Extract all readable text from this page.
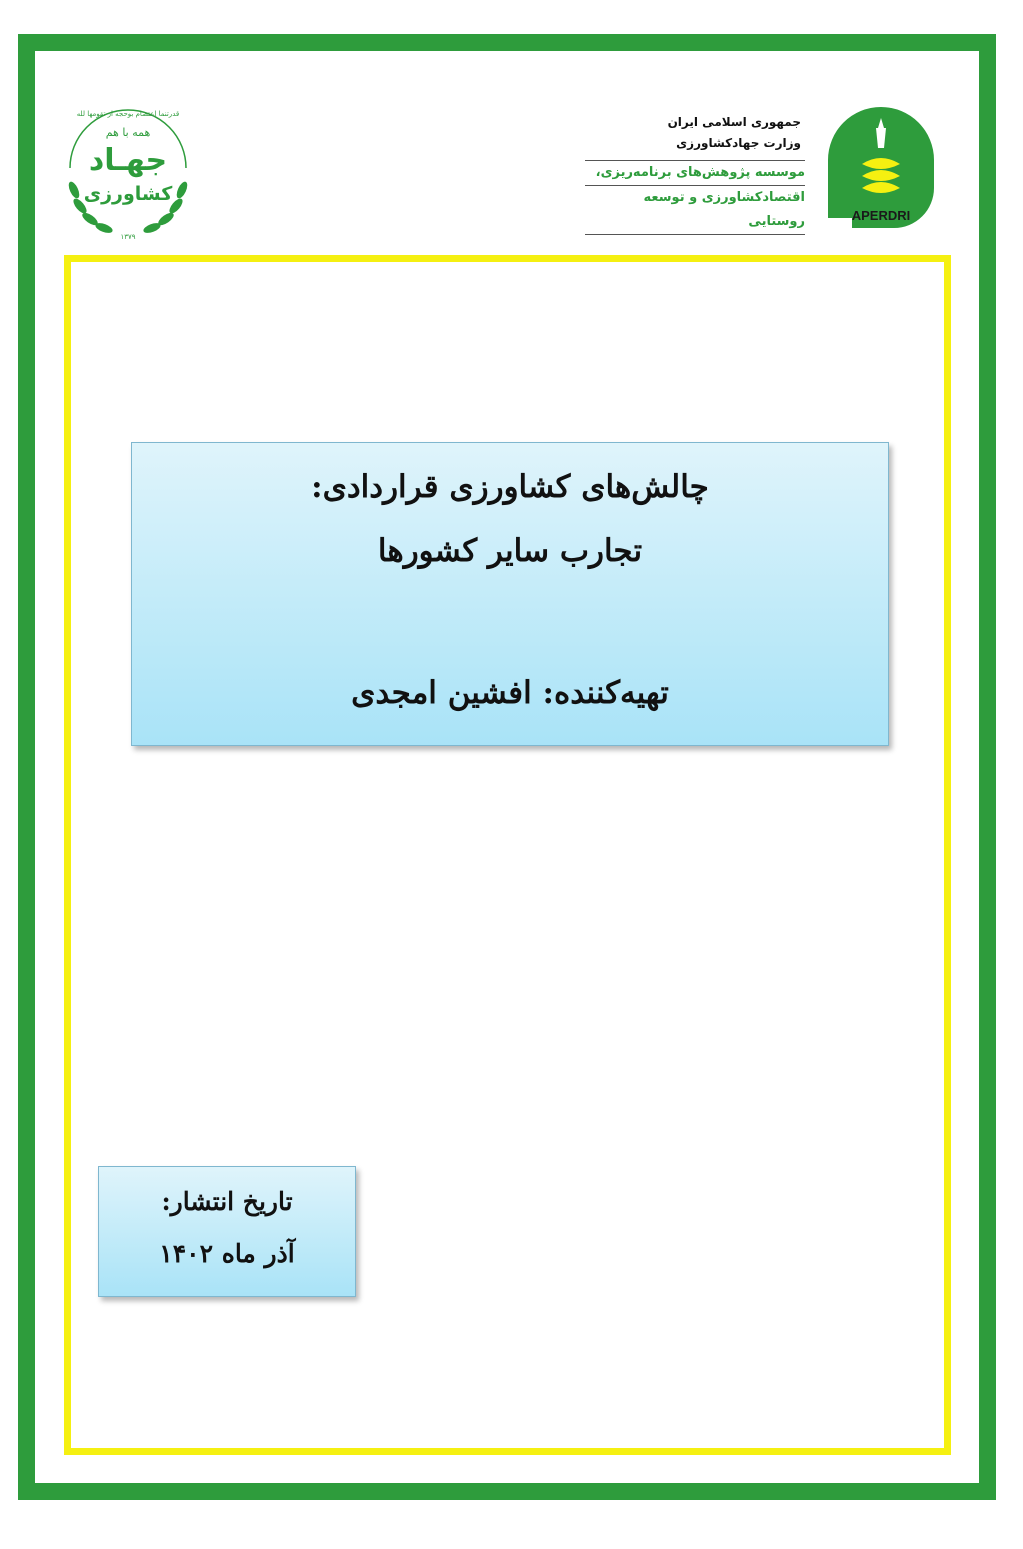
APERDRI
جمهوری اسلامی ایران
وزارت جهادکشاورزی
موسسه پژوهش‌های برنامه‌ریزی،
اقتصادکشاورزی و توسعه روستایی
قدرتنما اعتصام بوحجه از تقومها لله
همه با هم
جهـاد
کشاورزی
۱۳۷۹
چالش‌های کشاورزی قراردادی:
تجارب سایر کشورها
تهیه‌کننده: افشین امجدی
تاریخ انتشار:
آذر ماه ۱۴۰۲
